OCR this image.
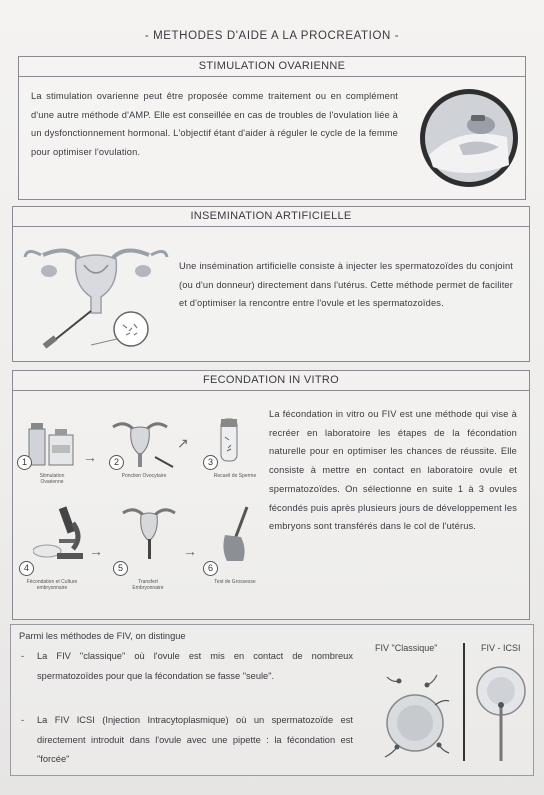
- METHODES D'AIDE A LA PROCREATION -
STIMULATION OVARIENNE
La stimulation ovarienne peut être proposée comme traitement ou en complément d'une autre méthode d'AMP. Elle est conseillée en cas de troubles de l'ovulation liée à un dysfonctionnement hormonal. L'objectif étant d'aider à réguler le cycle de la femme pour optimiser l'ovulation.
INSEMINATION ARTIFICIELLE
Une insémination artificielle consiste à injecter les spermatozoïdes du conjoint (ou d'un donneur) directement dans l'utérus. Cette méthode permet de faciliter et d'optimiser la rencontre entre l'ovule et les spermatozoïdes.
FECONDATION IN VITRO
1
Stimulation Ovarienne
→	2
Ponction Ovocytaire
↗
3
Recueil de Sperme
4
Fécondation et Culture embryonnaire
→
5
Transfert Embryonnaire
→
6
Test de Grossesse
La fécondation in vitro ou FIV est une méthode qui vise à recréer en laboratoire les étapes de la fécondation naturelle pour en optimiser les chances de réussite. Elle consiste à mettre en contact en laboratoire ovule et spermatozoïdes. On sélectionne en suite 1 à 3 ovules fécondés puis après plusieurs jours de développement les embryons sont transférés dans le col de l'utérus.
Parmi les méthodes de FIV, on distingue
- La FIV "classique" où l'ovule est mis en contact de nombreux spermatozoïdes pour que la fécondation se fasse "seule".
- La FIV ICSI (Injection Intracytoplasmique) où un spermatozoïde est directement introduit dans l'ovule avec une pipette : la fécondation est "forcée"
FIV "Classique"	FIV - ICSI
